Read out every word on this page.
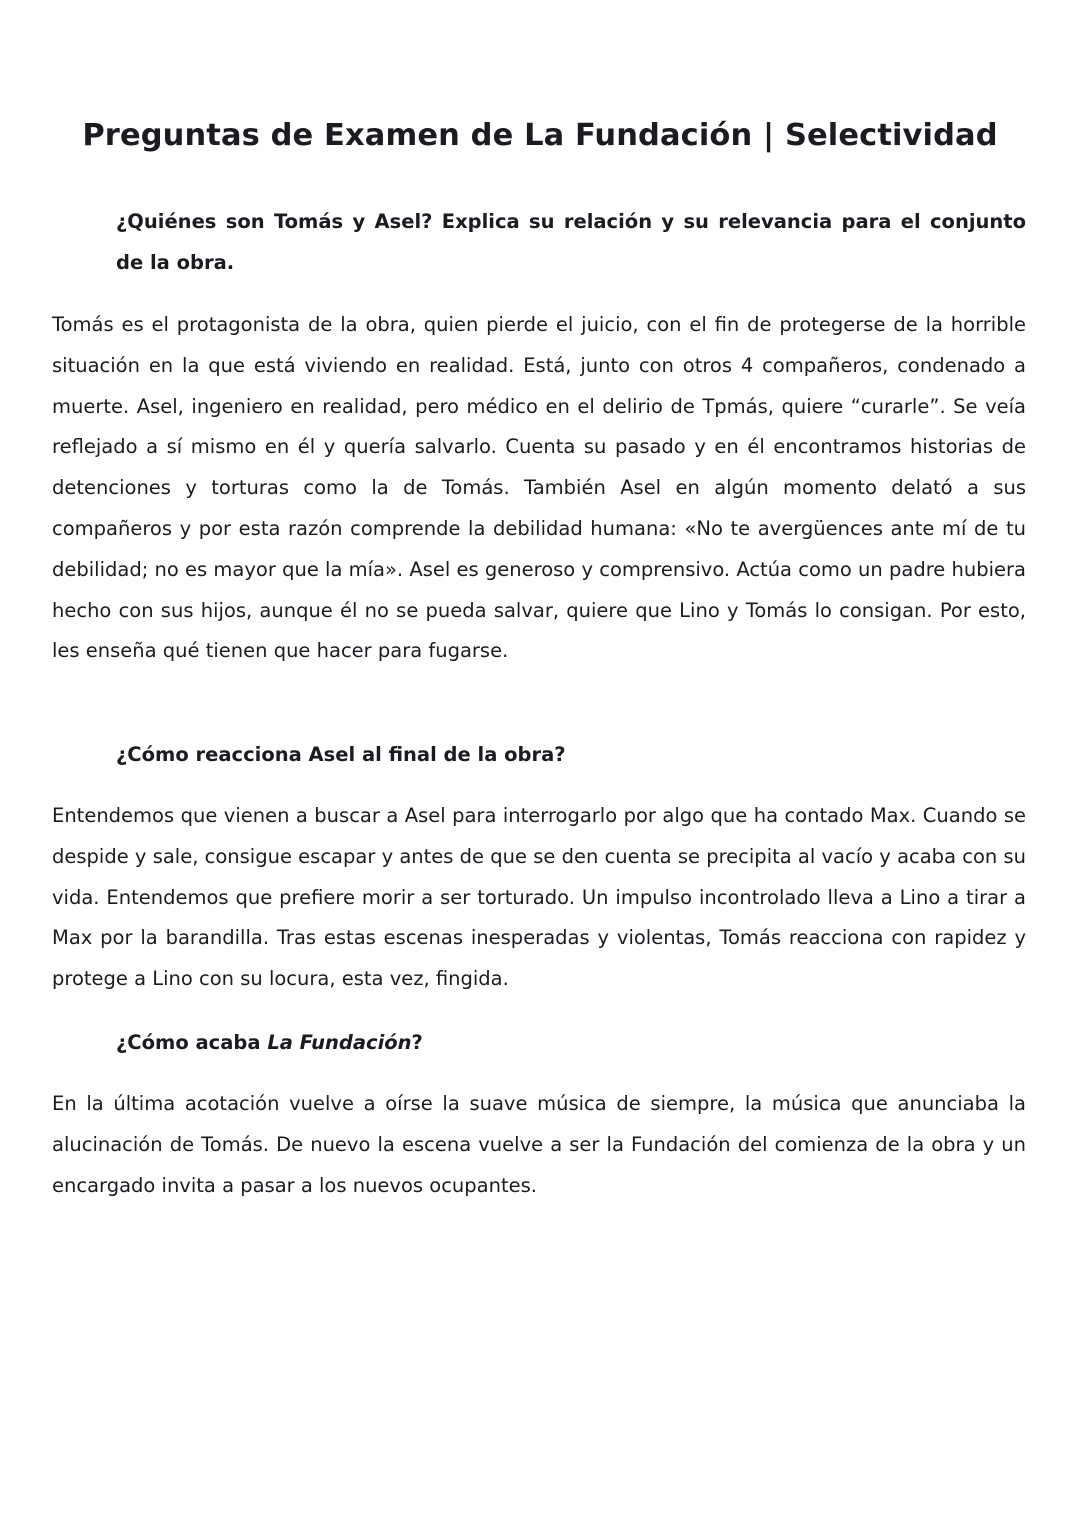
Preguntas de Examen de La Fundación | Selectividad

¿Quiénes son Tomás y Asel? Explica su relación y su relevancia para el conjunto de la obra.

Tomás es el protagonista de la obra, quien pierde el juicio, con el fin de protegerse de la horrible situación en la que está viviendo en realidad. Está, junto con otros 4 compañeros, condenado a muerte. Asel, ingeniero en realidad, pero médico en el delirio de Tpmás, quiere “curarle”. Se veía reflejado a sí mismo en él y quería salvarlo. Cuenta su pasado y en él encontramos historias de detenciones y torturas como la de Tomás. También Asel en algún momento delató a sus compañeros y por esta razón comprende la debilidad humana: «No te avergüences ante mí de tu debilidad; no es mayor que la mía». Asel es generoso y comprensivo. Actúa como un padre hubiera hecho con sus hijos, aunque él no se pueda salvar, quiere que Lino y Tomás lo consigan. Por esto, les enseña qué tienen que hacer para fugarse.

¿Cómo reacciona Asel al final de la obra?

Entendemos que vienen a buscar a Asel para interrogarlo por algo que ha contado Max. Cuando se despide y sale, consigue escapar y antes de que se den cuenta se precipita al vacío y acaba con su vida. Entendemos que prefiere morir a ser torturado. Un impulso incontrolado lleva a Lino a tirar a Max por la barandilla. Tras estas escenas inesperadas y violentas, Tomás reacciona con rapidez y protege a Lino con su locura, esta vez, fingida.

¿Cómo acaba La Fundación?

En la última acotación vuelve a oírse la suave música de siempre, la música que anunciaba la alucinación de Tomás. De nuevo la escena vuelve a ser la Fundación del comienza de la obra y un encargado invita a pasar a los nuevos ocupantes.
